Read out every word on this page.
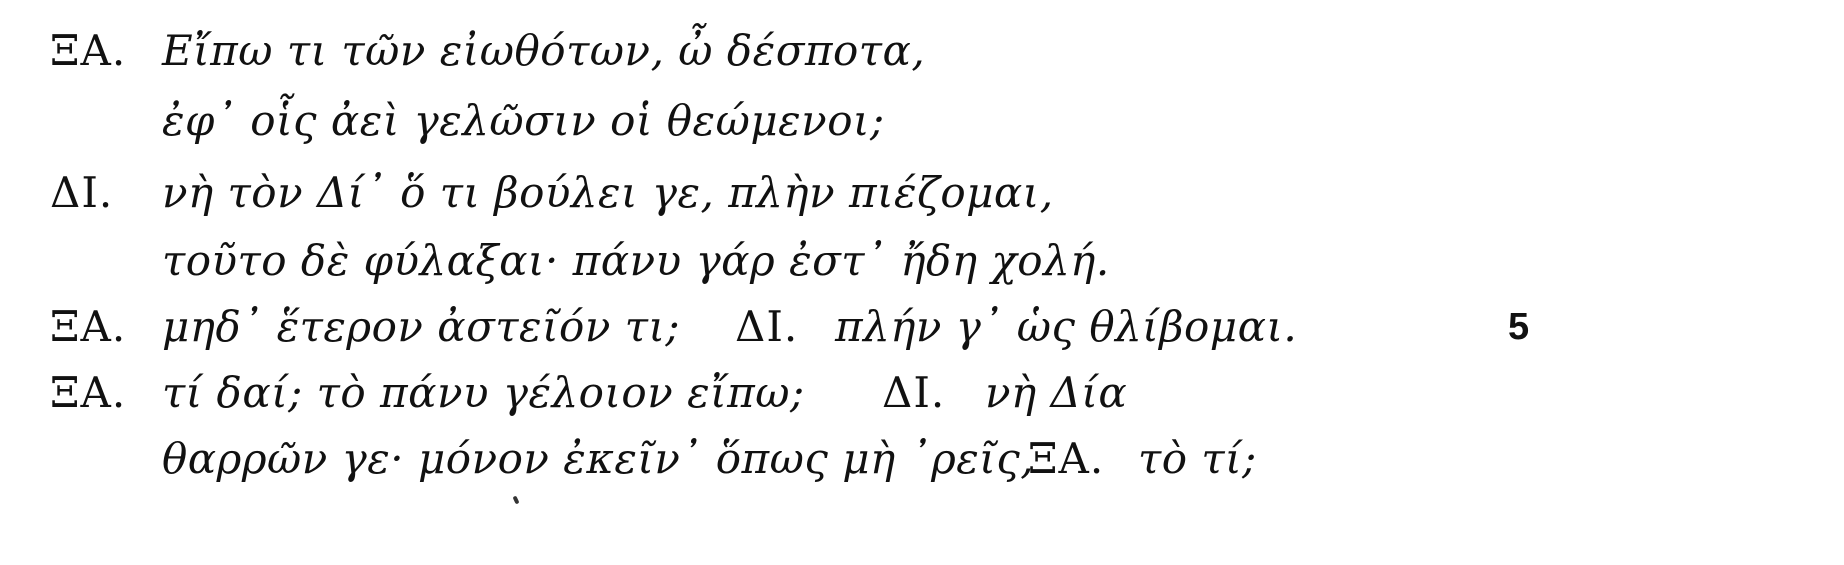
ΞΑ. Εἴπω τι τῶν εἰωθότων, ὦ δέσποτα,
ἐφ᾽ οἷς ἀεὶ γελῶσιν οἱ θεώμενοι;
ΔΙ. νὴ τὸν Δί᾽ ὅ τι βούλει γε, πλὴν πιέζομαι,
τοῦτο δὲ φύλαξαι· πάνυ γάρ ἐστ᾽ ἤδη χολή.
ΞΑ. μηδ᾽ ἕτερον ἀστεῖόν τι; ΔΙ. πλήν γ᾽ ὡς θλίβομαι.	5
ΞΑ. τί δαί; τὸ πάνυ γέλοιον εἴπω; ΔΙ. νὴ Δία
θαρρῶν γε· μόνον ἐκεῖν᾽ ὅπως μὴ ᾽ρεῖς,
ΞΑ. τὸ τί;
